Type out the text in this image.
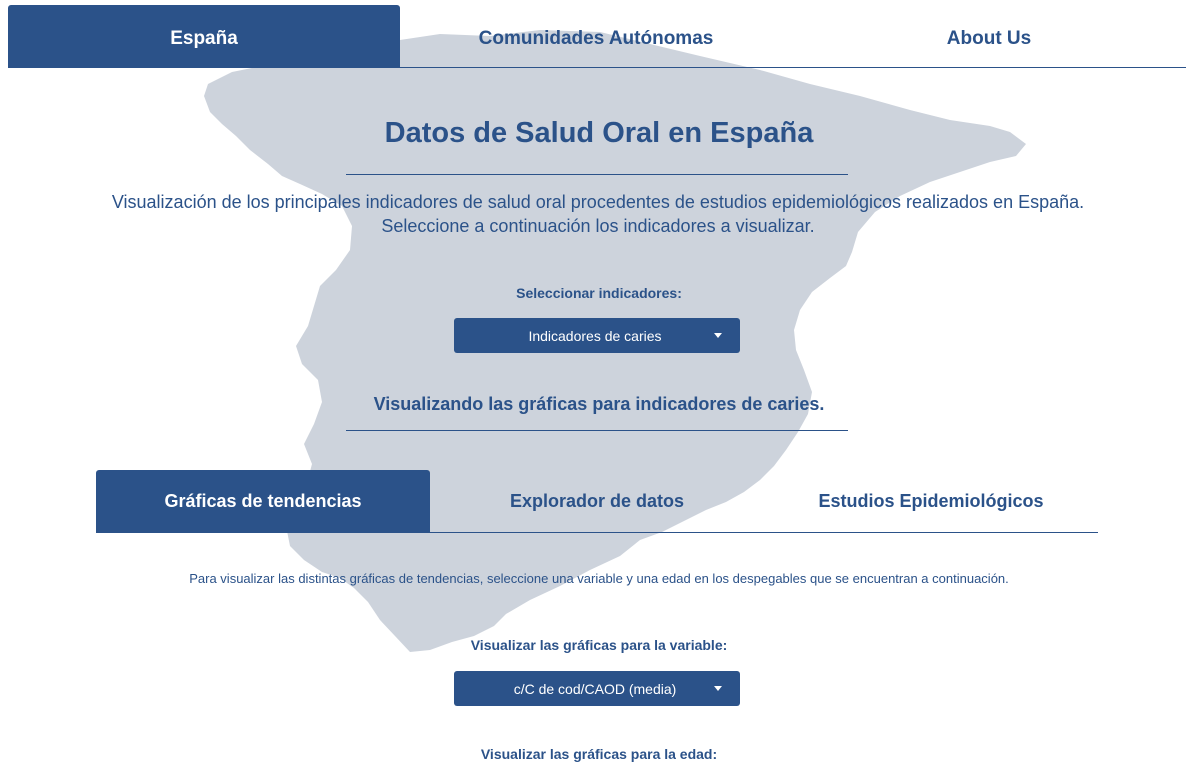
España	Comunidades Autónomas	About Us
Datos de Salud Oral en España
Visualización de los principales indicadores de salud oral procedentes de estudios epidemiológicos realizados en España. Seleccione a continuación los indicadores a visualizar.
Seleccionar indicadores:
Indicadores de caries
Visualizando las gráficas para indicadores de caries.
Gráficas de tendencias	Explorador de datos	Estudios Epidemiológicos
Para visualizar las distintas gráficas de tendencias, seleccione una variable y una edad en los despegables que se encuentran a continuación.
Visualizar las gráficas para la variable:
c/C de cod/CAOD (media)
Visualizar las gráficas para la edad:
